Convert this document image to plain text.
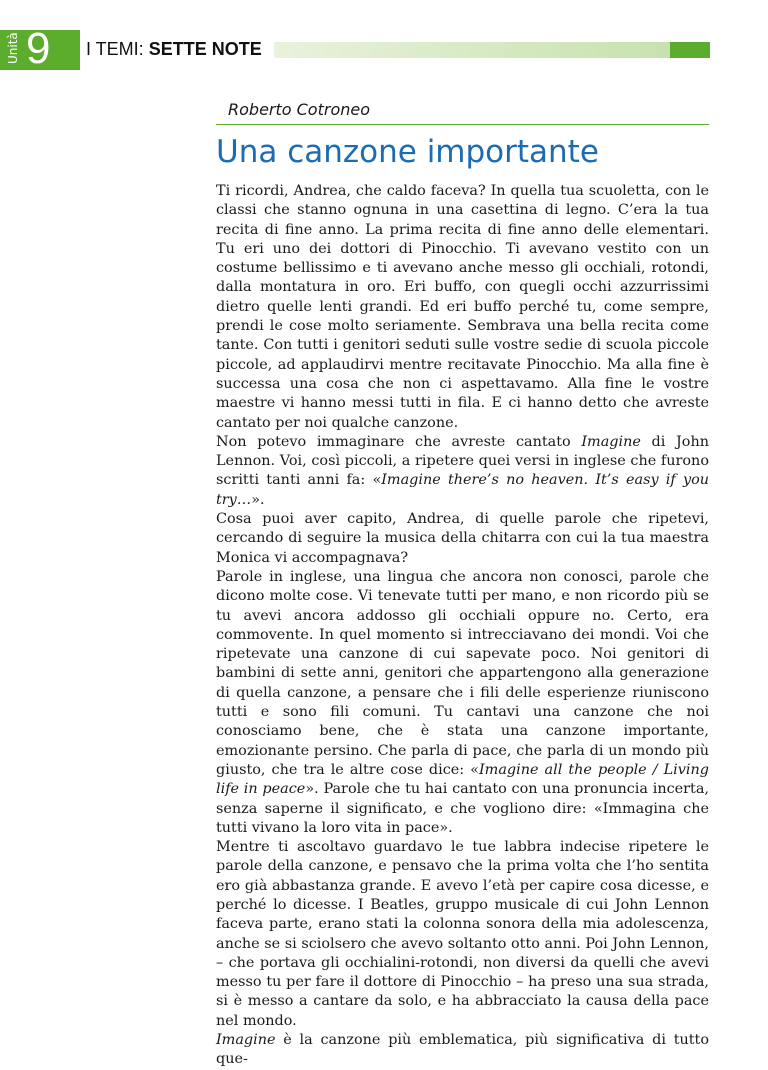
Unità 9 I TEMI: SETTE NOTE

Roberto Cotroneo

Una canzone importante

Ti ricordi, Andrea, che caldo faceva? In quella tua scuoletta, con le classi che stanno ognuna in una casettina di legno. C’era la tua recita di fine anno. La prima recita di fine anno delle elementari. Tu eri uno dei dottori di Pinocchio. Ti avevano vestito con un costume bellissimo e ti avevano anche messo gli occhiali, rotondi, dalla montatura in oro. Eri buffo, con quegli occhi azzurrissimi dietro quelle lenti grandi. Ed eri buffo perché tu, come sempre, prendi le cose molto seriamente. Sembrava una bella recita come tante. Con tutti i genitori seduti sulle vostre sedie di scuola piccole piccole, ad applaudirvi mentre recitavate Pinocchio. Ma alla fine è successa una cosa che non ci aspettavamo. Alla fine le vostre maestre vi hanno messi tutti in fila. E ci hanno detto che avreste cantato per noi qualche canzone.

Non potevo immaginare che avreste cantato Imagine di John Lennon. Voi, così piccoli, a ripetere quei versi in inglese che furono scritti tanti anni fa: «Imagine there’s no heaven. It’s easy if you try…».

Cosa puoi aver capito, Andrea, di quelle parole che ripetevi, cercando di seguire la musica della chitarra con cui la tua maestra Monica vi accompagnava?

Parole in inglese, una lingua che ancora non conosci, parole che dicono molte cose. Vi tenevate tutti per mano, e non ricordo più se tu avevi ancora addosso gli occhiali oppure no. Certo, era commovente. In quel momento si intrecciavano dei mondi. Voi che ripetevate una canzone di cui sapevate poco. Noi genitori di bambini di sette anni, genitori che appartengono alla generazione di quella canzone, a pensare che i fili delle esperienze riuniscono tutti e sono fili comuni. Tu cantavi una canzone che noi conosciamo bene, che è stata una canzone importante, emozionante persino. Che parla di pace, che parla di un mondo più giusto, che tra le altre cose dice: «Imagine all the people / Living life in peace». Parole che tu hai cantato con una pronuncia incerta, senza saperne il significato, e che vogliono dire: «Immagina che tutti vivano la loro vita in pace».

Mentre ti ascoltavo guardavo le tue labbra indecise ripetere le parole della canzone, e pensavo che la prima volta che l’ho sentita ero già abbastanza grande. E avevo l’età per capire cosa dicesse, e perché lo dicesse. I Beatles, gruppo musicale di cui John Lennon faceva parte, erano stati la colonna sonora della mia adolescenza, anche se si sciolsero che avevo soltanto otto anni. Poi John Lennon, – che portava gli occhialini-rotondi, non diversi da quelli che avevi messo tu per fare il dottore di Pinocchio – ha preso una sua strada, si è messo a cantare da solo, e ha abbracciato la causa della pace nel mondo.

Imagine è la canzone più emblematica, più significativa di tutto que-
